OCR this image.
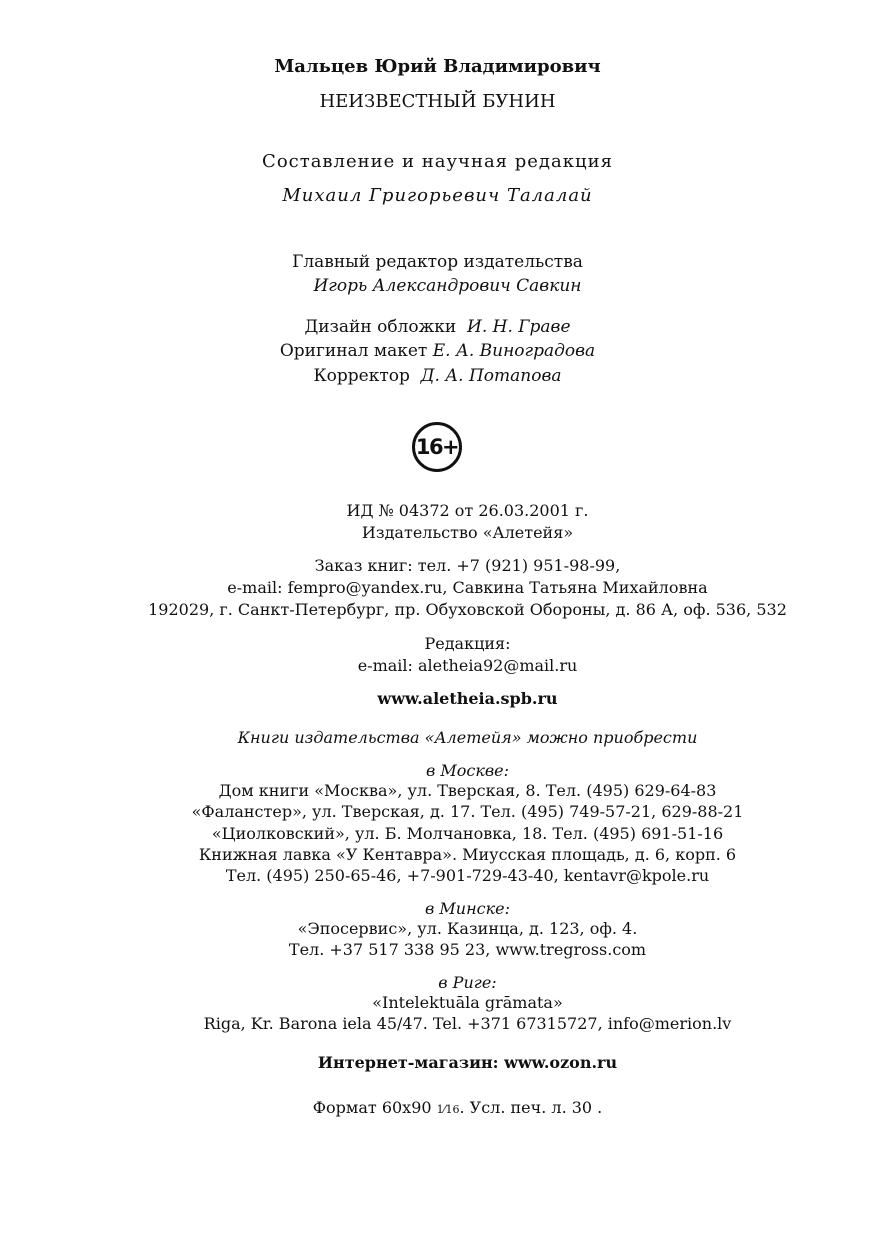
Мальцев Юрий Владимирович
НЕИЗВЕСТНЫЙ БУНИН
Составление и научная редакция
Михаил Григорьевич Талалай
Главный редактор издательства
Игорь Александрович Савкин
Дизайн обложки И. Н. Граве
Оригинал макет Е. А. Виноградова
Корректор Д. А. Потапова
16+
ИД № 04372 от 26.03.2001 г.
Издательство «Алетейя»
Заказ книг: тел. +7 (921) 951-98-99,
e-mail: fempro@yandex.ru, Савкина Татьяна Михайловна
192029, г. Санкт-Петербург, пр. Обуховской Обороны, д. 86 А, оф. 536, 532
Редакция:
e-mail: aletheia92@mail.ru
www.aletheia.spb.ru
Книги издательства «Алетейя» можно приобрести
в Москве:
Дом книги «Москва», ул. Тверская, 8. Тел. (495) 629-64-83
«Фаланстер», ул. Тверская, д. 17. Тел. (495) 749-57-21, 629-88-21
«Циолковский», ул. Б. Молчановка, 18. Тел. (495) 691-51-16
Книжная лавка «У Кентавра». Миусская площадь, д. 6, корп. 6
Тел. (495) 250-65-46, +7-901-729-43-40, kentavr@kpole.ru
в Минске:
«Эпосервис», ул. Казинца, д. 123, оф. 4.
Тел. +37 517 338 95 23, www.tregross.com
в Риге:
«Intelektuāla grāmata»
Riga, Kr. Barona iela 45/47. Tel. +371 67315727, info@merion.lv
Интернет-магазин: www.ozon.ru
Формат 60х90 1⁄16. Усл. печ. л. 30 .
